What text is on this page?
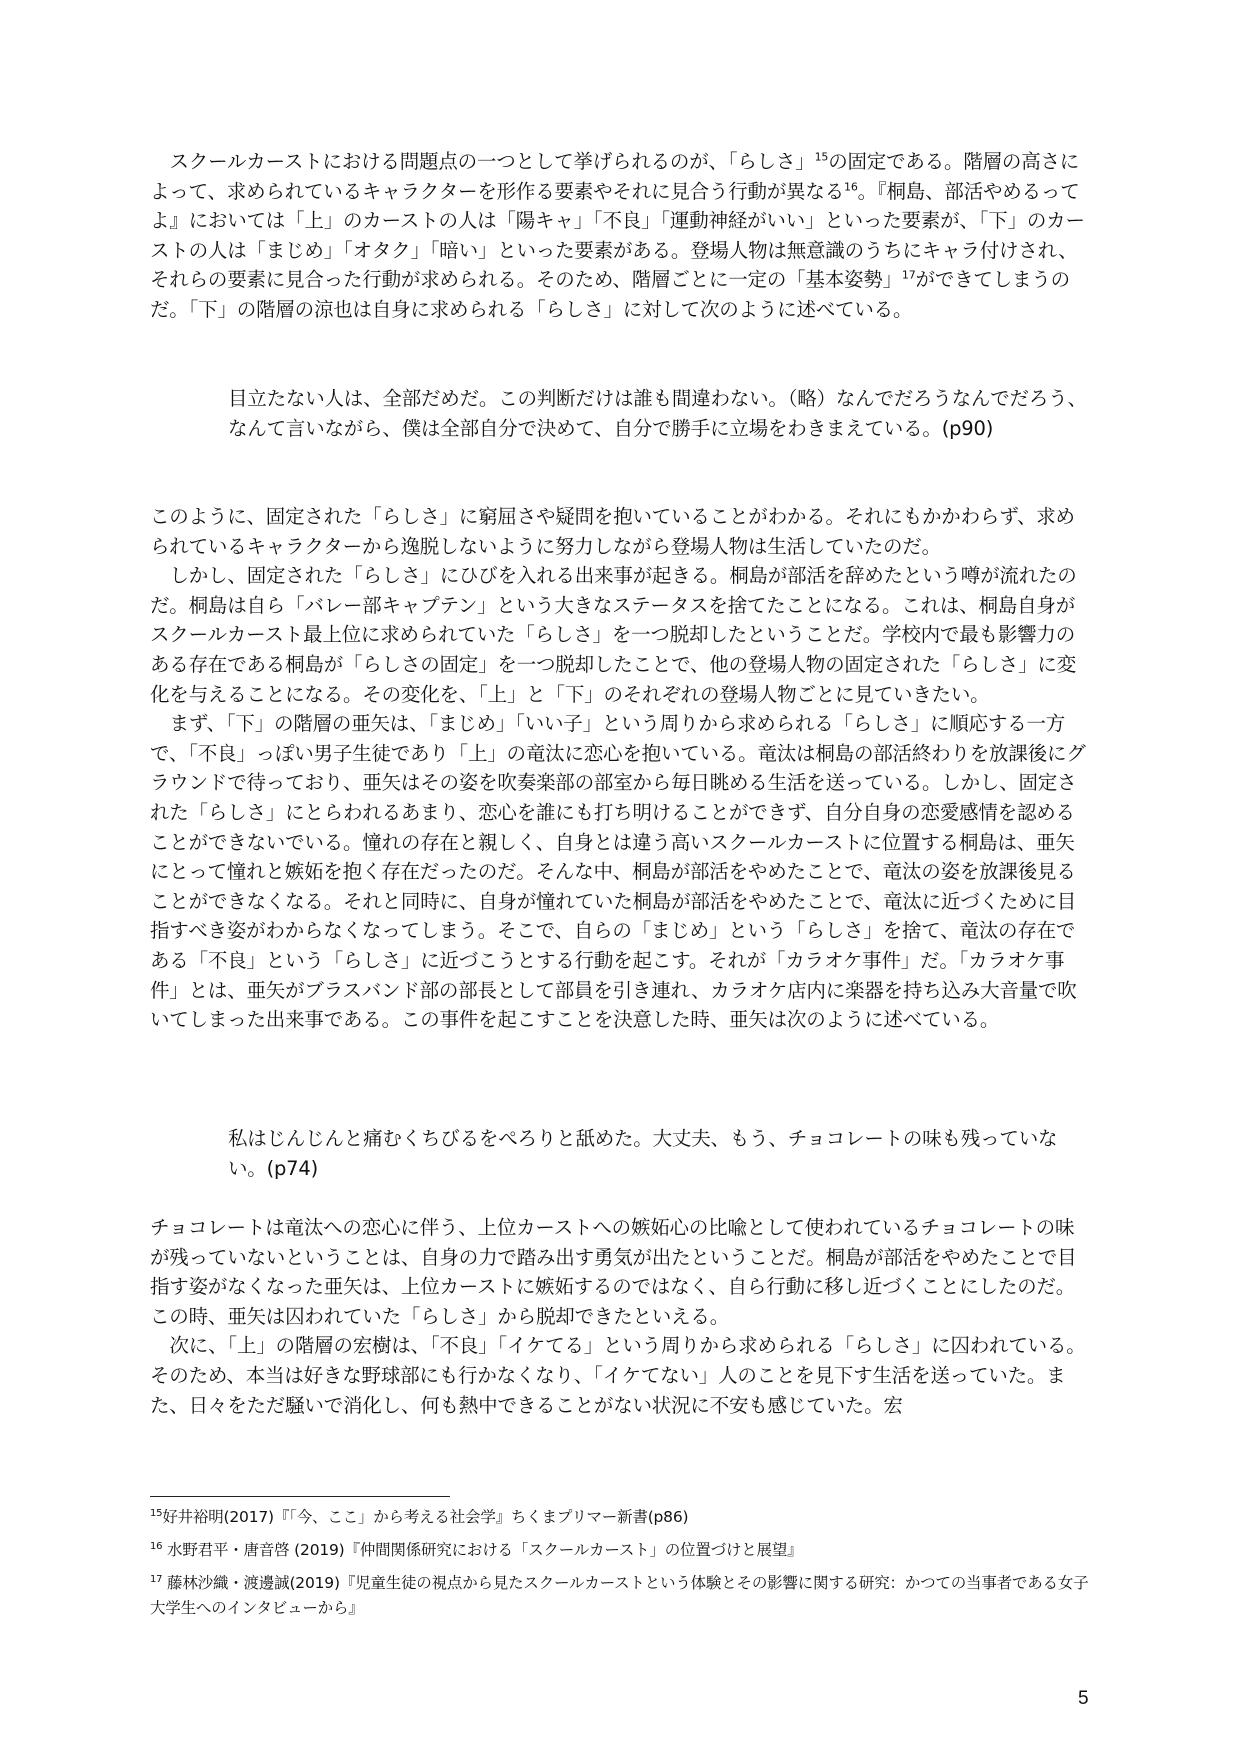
スクールカーストにおける問題点の一つとして挙げられるのが、「らしさ」$^{15}$の固定である。階層の高さによって、求められているキャラクターを形作る要素やそれに見合う行動が異なる$^{16}$。『桐島、部活やめるってよ』においては「上」のカーストの人は「陽キャ」「不良」「運動神経がいい」といった要素が、「下」のカーストの人は「まじめ」「オタク」「暗い」といった要素がある。登場人物は無意識のうちにキャラ付けされ、それらの要素に見合った行動が求められる。そのため、階層ごとに一定の「基本姿勢」$^{17}$ができてしまうのだ。「下」の階層の涼也は自身に求められる「らしさ」に対して次のように述べている。

目立たない人は、全部だめだ。この判断だけは誰も間違わない。（略）なんでだろうなんでだろう、なんて言いながら、僕は全部自分で決めて、自分で勝手に立場をわきまえている。(p90)

このように、固定された「らしさ」に窮屈さや疑問を抱いていることがわかる。それにもかかわらず、求められているキャラクターから逸脱しないように努力しながら登場人物は生活していたのだ。

しかし、固定された「らしさ」にひびを入れる出来事が起きる。桐島が部活を辞めたという噂が流れたのだ。桐島は自ら「バレー部キャプテン」という大きなステータスを捨てたことになる。これは、桐島自身がスクールカースト最上位に求められていた「らしさ」を一つ脱却したということだ。学校内で最も影響力のある存在である桐島が「らしさの固定」を一つ脱却したことで、他の登場人物の固定された「らしさ」に変化を与えることになる。その変化を、「上」と「下」のそれぞれの登場人物ごとに見ていきたい。

まず、「下」の階層の亜矢は、「まじめ」「いい子」という周りから求められる「らしさ」に順応する一方で、「不良」っぽい男子生徒であり「上」の竜汰に恋心を抱いている。竜汰は桐島の部活終わりを放課後にグラウンドで待っており、亜矢はその姿を吹奏楽部の部室から毎日眺める生活を送っている。しかし、固定された「らしさ」にとらわれるあまり、恋心を誰にも打ち明けることができず、自分自身の恋愛感情を認めることができないでいる。憧れの存在と親しく、自身とは違う高いスクールカーストに位置する桐島は、亜矢にとって憧れと嫉妬を抱く存在だったのだ。そんな中、桐島が部活をやめたことで、竜汰の姿を放課後見ることができなくなる。それと同時に、自身が憧れていた桐島が部活をやめたことで、竜汰に近づくために目指すべき姿がわからなくなってしまう。そこで、自らの「まじめ」という「らしさ」を捨て、竜汰の存在である「不良」という「らしさ」に近づこうとする行動を起こす。それが「カラオケ事件」だ。「カラオケ事件」とは、亜矢がブラスバンド部の部長として部員を引き連れ、カラオケ店内に楽器を持ち込み大音量で吹いてしまった出来事である。この事件を起こすことを決意した時、亜矢は次のように述べている。

私はじんじんと痛むくちびるをぺろりと舐めた。大丈夫、もう、チョコレートの味も残っていない。(p74)

チョコレートは竜汰への恋心に伴う、上位カーストへの嫉妬心の比喩として使われているチョコレートの味が残っていないということは、自身の力で踏み出す勇気が出たということだ。桐島が部活をやめたことで目指す姿がなくなった亜矢は、上位カーストに嫉妬するのではなく、自ら行動に移し近づくことにしたのだ。この時、亜矢は囚われていた「らしさ」から脱却できたといえる。

次に、「上」の階層の宏樹は、「不良」「イケてる」という周りから求められる「らしさ」に囚われている。そのため、本当は好きな野球部にも行かなくなり、「イケてない」人のことを見下す生活を送っていた。また、日々をただ騒いで消化し、何も熱中できることがない状況に不安も感じていた。宏

$^{15}$好井裕明(2017)『「今、ここ」から考える社会学』ちくまプリマー新書(p86)

$^{16}$ 水野君平・唐音啓 (2019)『仲間関係研究における「スクールカースト」の位置づけと展望』

$^{17}$ 藤林沙織・渡邊誠(2019)『児童生徒の視点から見たスクールカーストという体験とその影響に関する研究：かつての当事者である女子大学生へのインタビューから』

5
